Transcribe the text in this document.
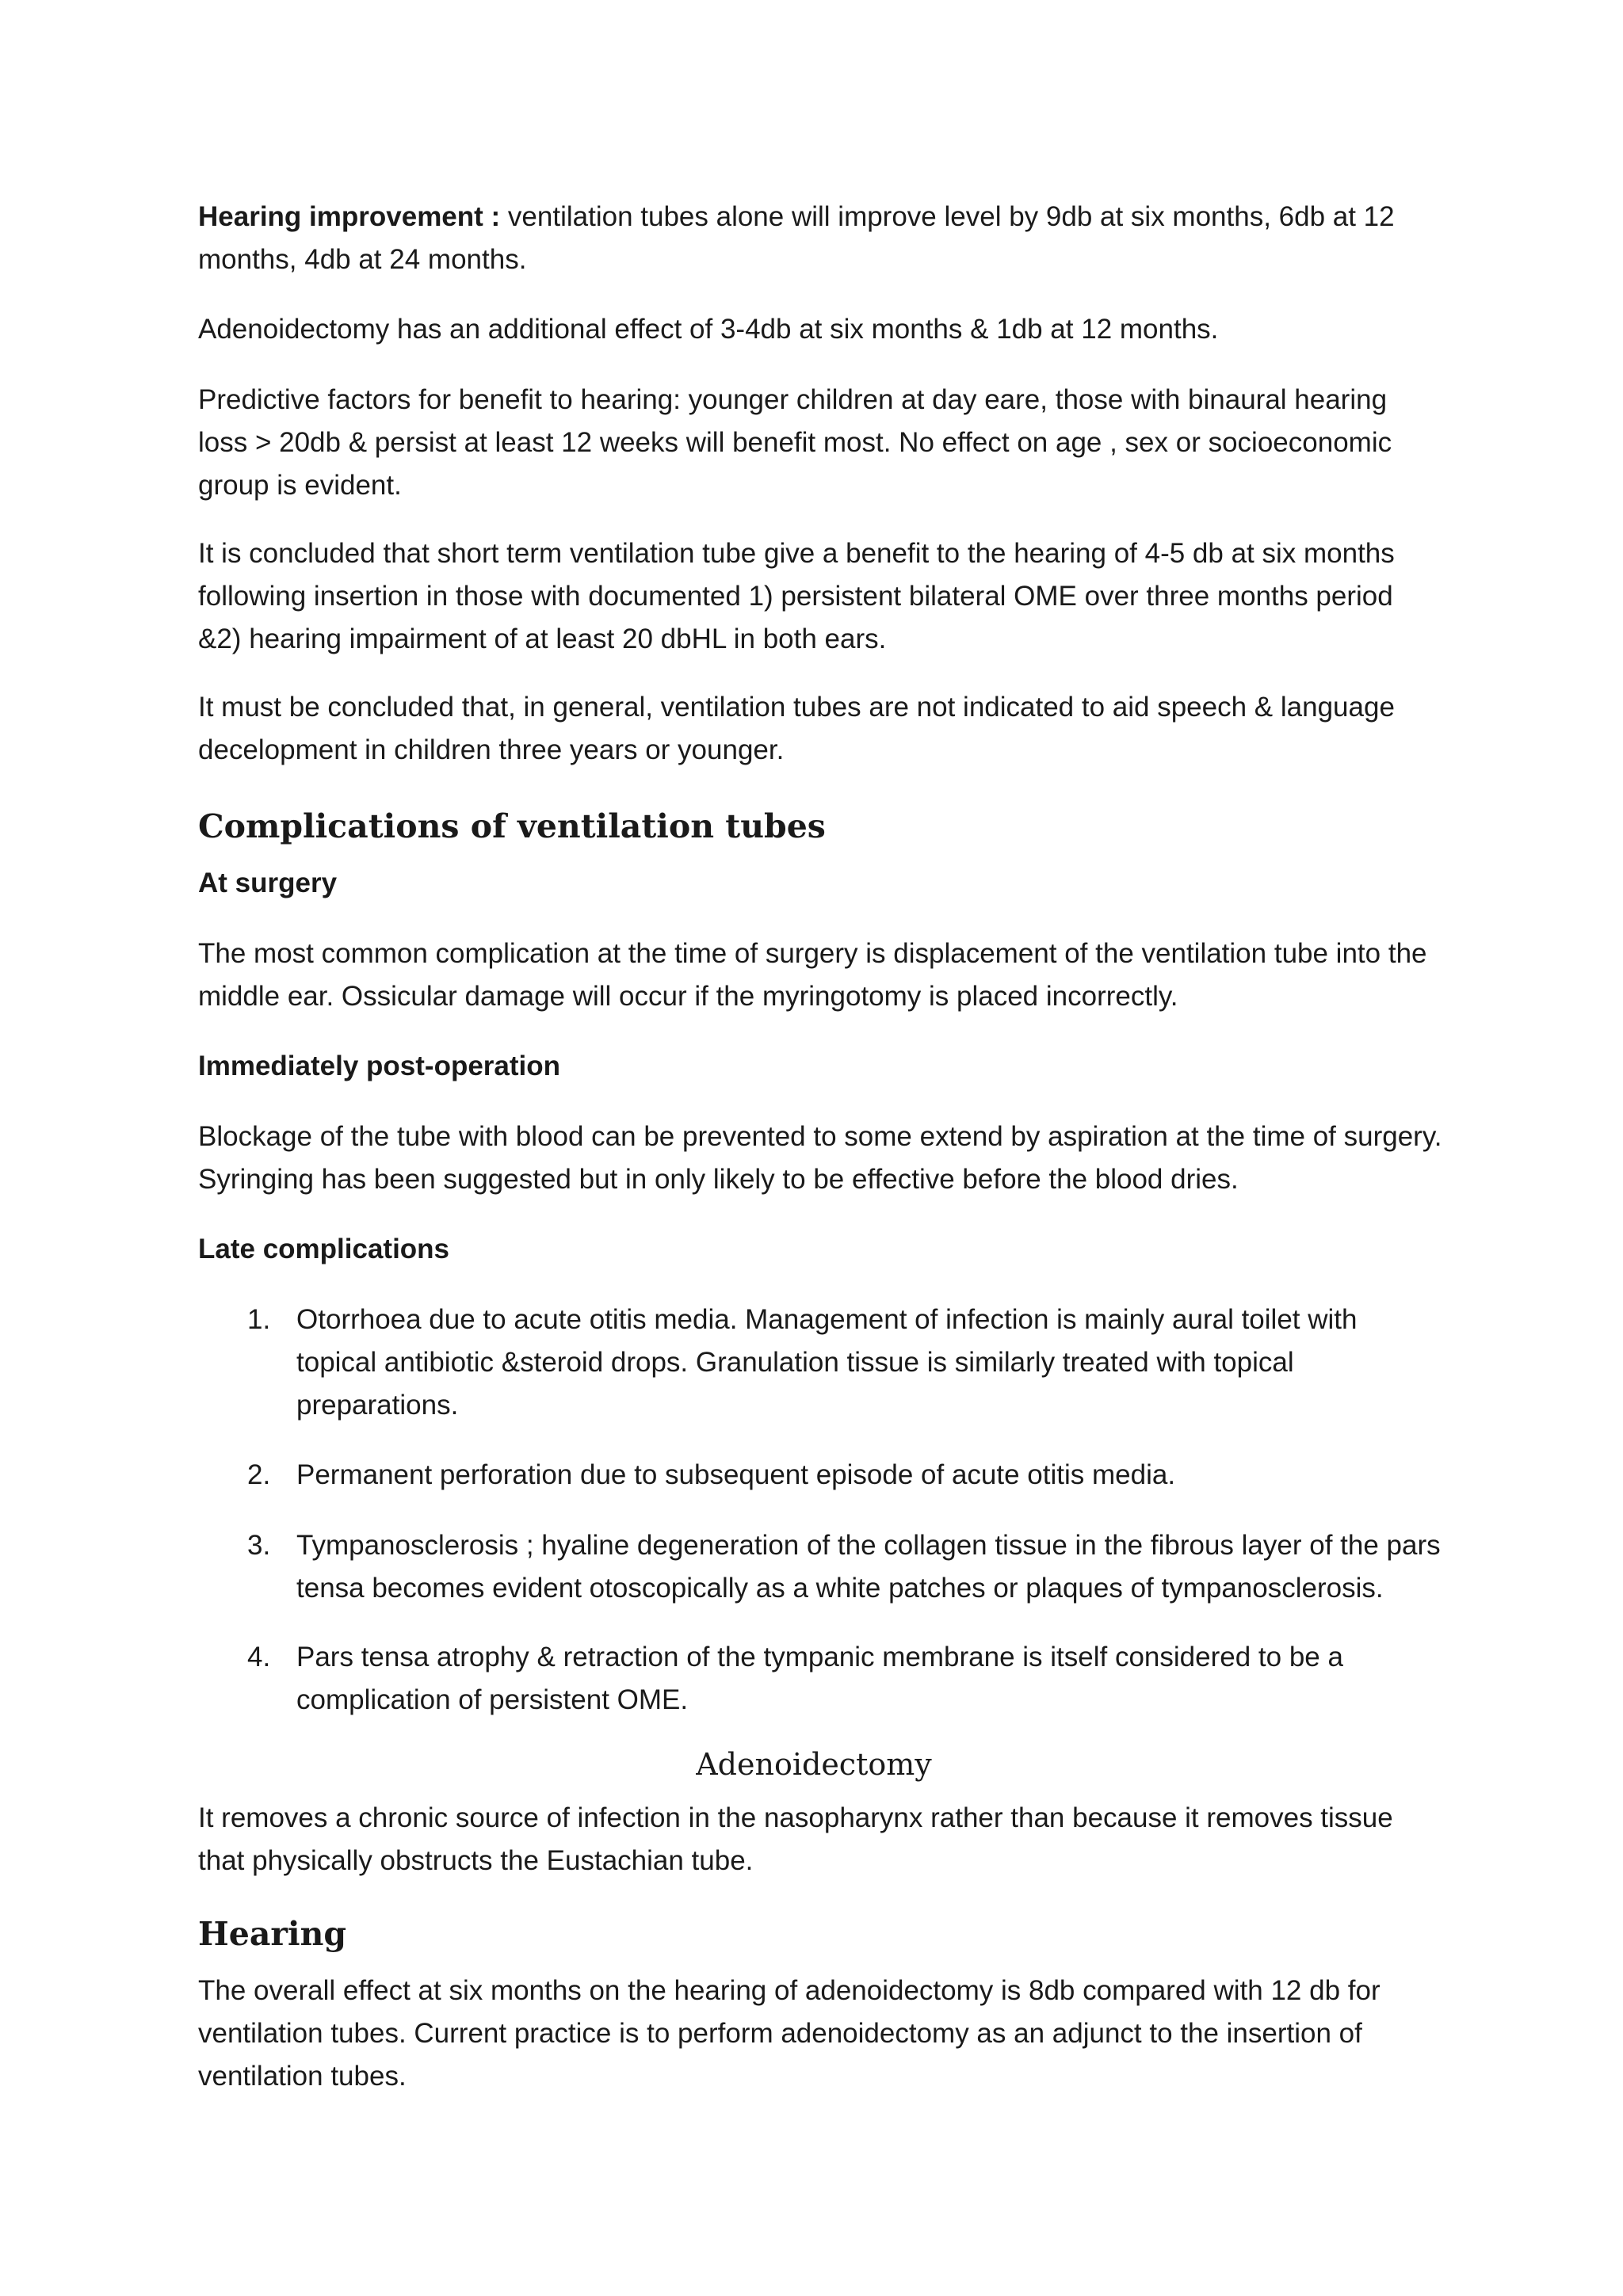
Hearing improvement : ventilation tubes alone will improve level by 9db at six months, 6db at 12 months, 4db at 24 months.

Adenoidectomy has an additional effect of 3-4db at six months & 1db at 12 months.

Predictive factors for benefit to hearing: younger children at day eare, those with binaural hearing loss > 20db & persist at least 12 weeks will benefit most. No effect on age , sex or socioeconomic group is evident.

It is concluded that short term ventilation tube give a benefit to the hearing of 4-5 db at six months following insertion in those with documented 1) persistent bilateral OME over three months period &2) hearing impairment of at least 20 dbHL in both ears.

It must be concluded that, in general, ventilation tubes are not indicated to aid speech & language decelopment in children three years or younger.

Complications of ventilation tubes

At surgery

The most common complication at the time of surgery is displacement of the ventilation tube into the middle ear. Ossicular damage will occur if the myringotomy is placed incorrectly.

Immediately post-operation

Blockage of the tube with blood can be prevented to some extend by aspiration at the time of surgery. Syringing has been suggested but in only likely to be effective before the blood dries.

Late complications

1. Otorrhoea due to acute otitis media. Management of infection is mainly aural toilet with topical antibiotic &steroid drops. Granulation tissue is similarly treated with topical preparations.
2. Permanent perforation due to subsequent episode of acute otitis media.
3. Tympanosclerosis ; hyaline degeneration of the collagen tissue in the fibrous layer of the pars tensa becomes evident otoscopically as a white patches or plaques of tympanosclerosis.
4. Pars tensa atrophy & retraction of the tympanic membrane is itself considered to be a complication of persistent OME.
Adenoidectomy

It removes a chronic source of infection in the nasopharynx rather than because it removes tissue that physically obstructs the Eustachian tube.

Hearing

The overall effect at six months on the hearing of adenoidectomy is 8db compared with 12 db for ventilation tubes. Current practice is to perform adenoidectomy as an adjunct to the insertion of ventilation tubes.
